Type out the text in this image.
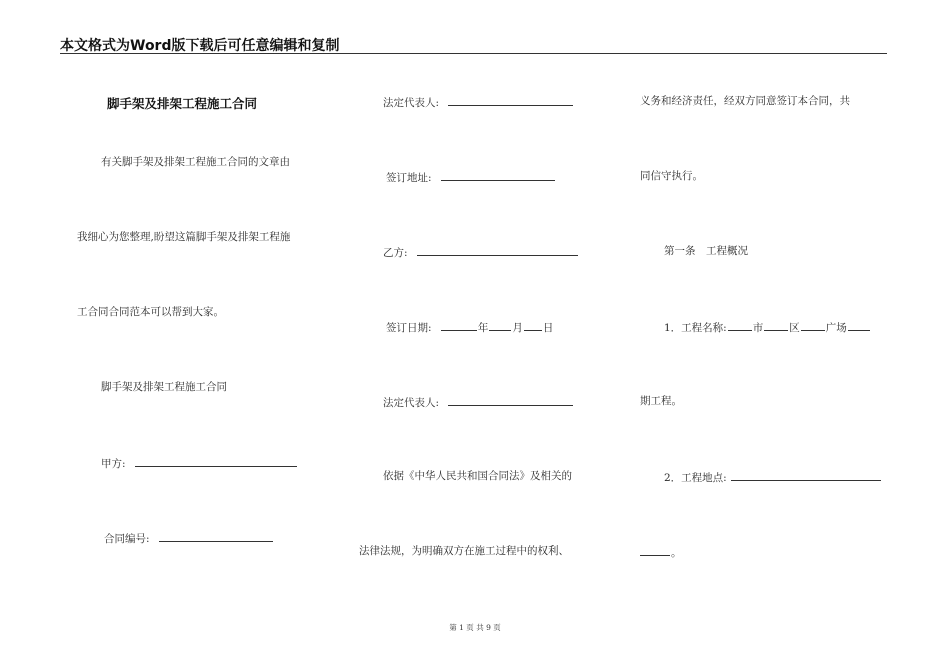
本文格式为Word版下载后可任意编辑和复制
脚手架及排架工程施工合同
有关脚手架及排架工程施工合同的文章由
我细心为您整理,盼望这篇脚手架及排架工程施
工合同合同范本可以帮到大家。
脚手架及排架工程施工合同
甲方:
合同编号:
法定代表人:
签订地址:
乙方:
签订日期:	年 月 日
法定代表人:
依据《中华人民共和国合同法》及相关的
法律法规，为明确双方在施工过程中的权利、
义务和经济责任，经双方同意签订本合同，共
同信守执行。
第一条　工程概况
1．工程名称: 市 区 广场
期工程。
2．工程地点:
。
第 1 页 共 9 页
